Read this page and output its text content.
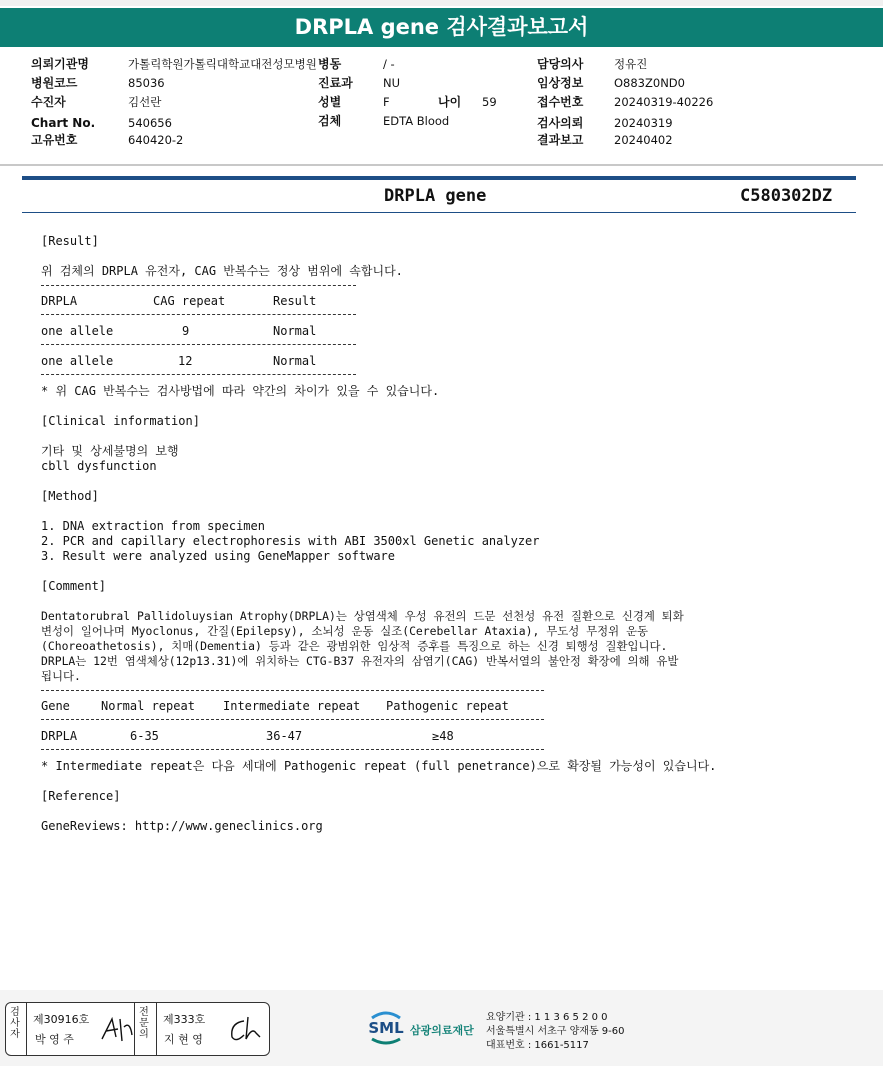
DRPLA gene 검사결과보고서
의뢰기관명	가톨릭학원가톨릭대학교대전성모병원 병동	/ -	담당의사	정유진
병원코드	85036	진료과	NU	임상정보	O883Z0ND0
수진자	김선란	성별	F	나이 59	접수번호	20240319-40226
Chart No.	540656	검체	EDTA Blood	검사의뢰	20240319
고유번호	640420-2	결과보고	20240402
DRPLA gene	C580302DZ
[Result]
위 검체의 DRPLA 유전자, CAG 반복수는 정상 범위에 속합니다.
DRPLA	CAG repeat	Result
one allele	9	Normal
one allele	12	Normal
* 위 CAG 반복수는 검사방법에 따라 약간의 차이가 있을 수 있습니다.
[Clinical information]
기타 및 상세불명의 보행
cbll dysfunction
[Method]
1. DNA extraction from specimen
2. PCR and capillary electrophoresis with ABI 3500xl Genetic analyzer
3. Result were analyzed using GeneMapper software
[Comment]
Dentatorubral Pallidoluysian Atrophy(DRPLA)는 상염색체 우성 유전의 드문 선천성 유전 질환으로 신경계 퇴화
변성이 일어나며 Myoclonus, 간질(Epilepsy), 소뇌성 운동 실조(Cerebellar Ataxia), 무도성 무정위 운동
(Choreoathetosis), 치매(Dementia) 등과 같은 광범위한 임상적 증후를 특징으로 하는 신경 퇴행성 질환입니다.
DRPLA는 12번 염색체상(12p13.31)에 위치하는 CTG-B37 유전자의 삼염기(CAG) 반복서열의 불안정 확장에 의해 유발
됩니다.
Gene	Normal repeat Intermediate repeat Pathogenic repeat
DRPLA	6-35	36-47	≥48
* Intermediate repeat은 다음 세대에 Pathogenic repeat (full penetrance)으로 확장될 가능성이 있습니다.
[Reference]
GeneReviews: http://www.geneclinics.org
검사자
제30916호
박 영 주
전문의
제333호
지 현 영
SML 삼광의료재단
요양기관 : 1 1 3 6 5 2 0 0
서울특별시 서초구 양재동 9-60
대표번호 : 1661-5117
